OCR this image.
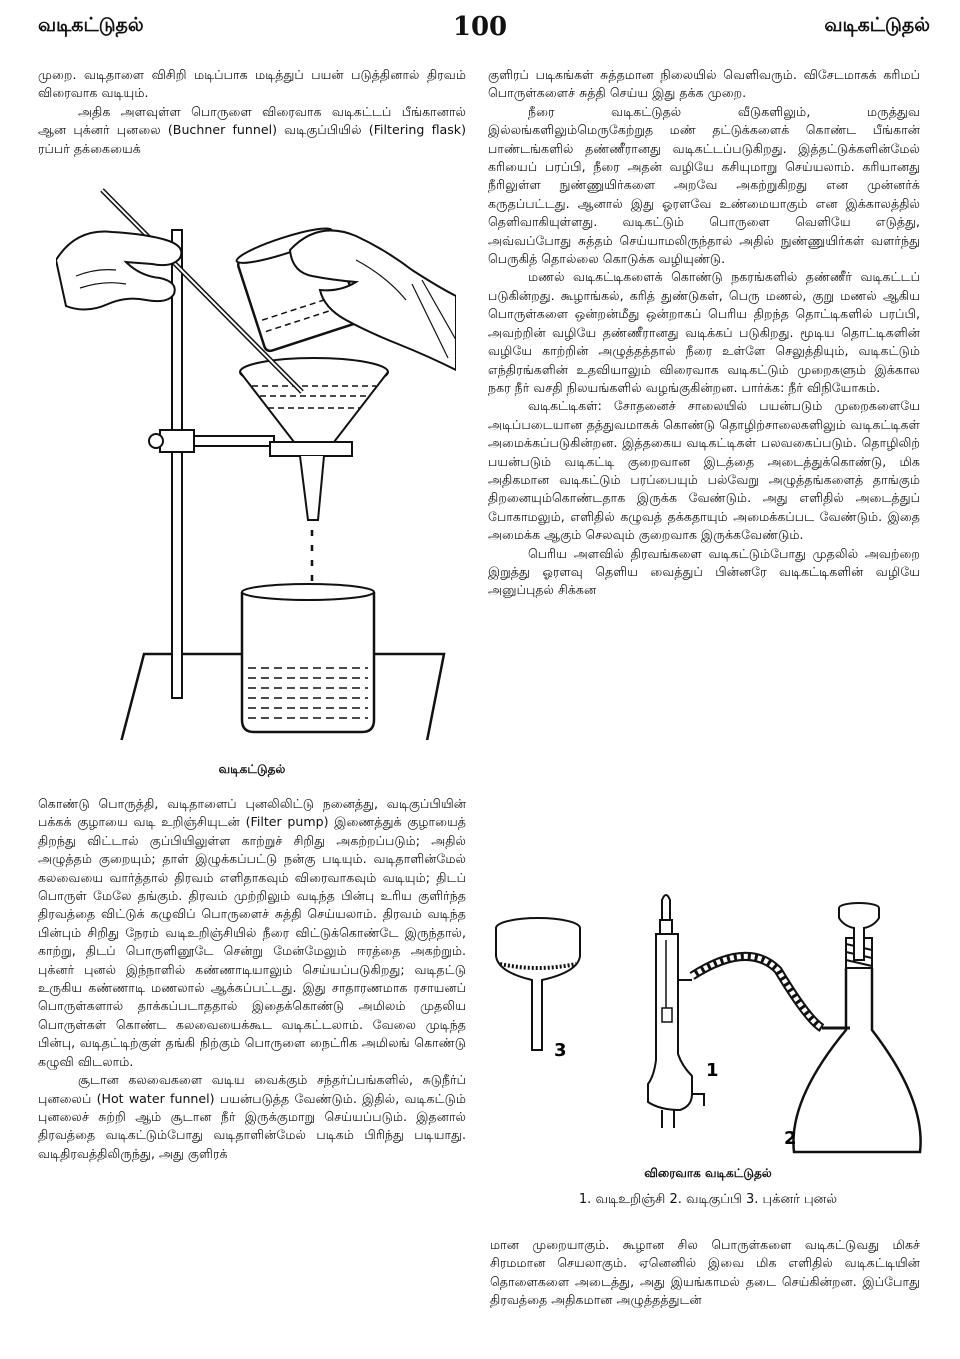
வடிகட்டுதல்	100	வடிகட்டுதல்

முறை. வடிதாளை விசிறி மடிப்பாக மடித்துப் பயன் படுத்தினால் திரவம் விரைவாக வடியும்.

அதிக அளவுள்ள பொருளை விரைவாக வடிகட்டப் பீங்கானால் ஆன புக்னர் புனலை (Buchner funnel) வடிகுப்பியில் (Filtering flask) ரப்பர் தக்கையைக்

வடிகட்டுதல்

கொண்டு பொருத்தி, வடிதாளைப் புனலிலிட்டு நனைத்து, வடிகுப்பியின் பக்கக் குழாயை வடி உறிஞ்சியுடன் (Filter pump) இணைத்துக் குழாயைத் திறந்து விட்டால் குப்பியிலுள்ள காற்றுச் சிறிது அகற்றப்படும்; அதில் அழுத்தம் குறையும்; தாள் இழுக்கப்பட்டு நன்கு படியும். வடிதாளின்மேல் கலவையை வார்த்தால் திரவம் எளிதாகவும் விரைவாகவும் வடியும்; திடப் பொருள் மேலே தங்கும். திரவம் முற்றிலும் வடிந்த பின்பு உரிய குளிர்ந்த திரவத்தை விட்டுக் கழுவிப் பொருளைச் சுத்தி செய்யலாம். திரவம் வடிந்த பின்பும் சிறிது நேரம் வடிஉறிஞ்சியில் நீரை விட்டுக்கொண்டே இருந்தால், காற்று, திடப் பொருளினூடே சென்று மேன்மேலும் ஈரத்தை அகற்றும். புக்னர் புனல் இந்நாளில் கண்ணாடியாலும் செய்யப்படுகிறது; வடிதட்டு உருகிய கண்ணாடி மணலால் ஆக்கப்பட்டது. இது சாதாரணமாக ரசாயனப் பொருள்களால் தாக்கப்படாததால் இதைக்கொண்டு அமிலம் முதலிய பொருள்கள் கொண்ட கலவையைக்கூட வடிகட்டலாம். வேலை முடிந்த பின்பு, வடிதட்டிற்குள் தங்கி நிற்கும் பொருளை நைட்ரிக அமிலங் கொண்டு கழுவி விடலாம்.

சூடான கலவைகளை வடிய வைக்கும் சந்தர்ப்பங்களில், சுடுநீர்ப் புனலைப் (Hot water funnel) பயன்படுத்த வேண்டும். இதில், வடிகட்டும் புனலைச் சுற்றி ஆம் சூடான நீர் இருக்குமாறு செய்யப்படும். இதனால் திரவத்தை வடிகட்டும்போது வடிதாளின்மேல் படிகம் பிரிந்து படியாது. வடிதிரவத்திலிருந்து, அது குளிரக்

குளிரப் படிகங்கள் சுத்தமான நிலையில் வெளிவரும். விசேடமாகக் கரிமப் பொருள்களைச் சுத்தி செய்ய இது தக்க முறை.

நீரை வடிகட்டுதல் வீடுகளிலும், மருத்துவ இல்லங்களிலும்மெருகேற்றுத மண் தட்டுக்களைக் கொண்ட பீங்கான் பாண்டங்களில் தண்ணீரானது வடிகட்டப்படுகிறது. இத்தட்டுக்களின்மேல் கரியைப் பரப்பி, நீரை அதன் வழியே கசியுமாறு செய்யலாம். கரியானது நீரிலுள்ள நுண்ணுயிர்களை அறவே அகற்றுகிறது என முன்னர்க் கருதப்பட்டது. ஆனால் இது ஓரளவே உண்மையாகும் என இக்காலத்தில் தெளிவாகியுள்ளது. வடிகட்டும் பொருளை வெளியே எடுத்து, அவ்வப்போது சுத்தம் செய்யாமலிருந்தால் அதில் நுண்ணுயிர்கள் வளர்ந்து பெருகித் தொல்லை கொடுக்க வழியுண்டு.

மணல் வடிகட்டிகளைக் கொண்டு நகரங்களில் தண்ணீர் வடிகட்டப் படுகின்றது. கூழாங்கல், கரித் துண்டுகள், பெரு மணல், குறு மணல் ஆகிய பொருள்களை ஒன்றன்மீது ஒன்றாகப் பெரிய திறந்த தொட்டிகளில் பரப்பி, அவற்றின் வழியே தண்ணீரானது வடிக்கப் படுகிறது. மூடிய தொட்டிகளின் வழியே காற்றின் அழுத்தத்தால் நீரை உள்ளே செலுத்தியும், வடிகட்டும் எந்திரங்களின் உதவியாலும் விரைவாக வடிகட்டும் முறைகளும் இக்கால நகர நீர் வசதி நிலயங்களில் வழங்குகின்றன. பார்க்க: நீர் விநியோகம்.

வடிகட்டிகள்: சோதனைச் சாலையில் பயன்படும் முறைகளையே அடிப்படையான தத்துவமாகக் கொண்டு தொழிற்சாலைகளிலும் வடிகட்டிகள் அமைக்கப்படுகின்றன. இத்தகைய வடிகட்டிகள் பலவகைப்படும். தொழிலிற் பயன்படும் வடிகட்டி குறைவான இடத்தை அடைத்துக்கொண்டு, மிக அதிகமான வடிகட்டும் பரப்பையும் பல்வேறு அழுத்தங்களைத் தாங்கும் திறனையும்கொண்டதாக இருக்க வேண்டும். அது எளிதில் அடைத்துப் போகாமலும், எளிதில் கழுவத் தக்கதாயும் அமைக்கப்பட வேண்டும். இதை அமைக்க ஆகும் செலவும் குறைவாக இருக்கவேண்டும்.

பெரிய அளவில் திரவங்களை வடிகட்டும்போது முதலில் அவற்றை இறுத்து ஓரளவு தெளிய வைத்துப் பின்னரே வடிகட்டிகளின் வழியே அனுப்புதல் சிக்கன

3
1
2
விரைவாக வடிகட்டுதல்
1. வடிஉறிஞ்சி 2. வடிகுப்பி 3. புக்னர் புனல்

மான முறையாகும். கூழான சில பொருள்களை வடிகட்டுவது மிகச் சிரமமான செயலாகும். ஏனெனில் இவை மிக எளிதில் வடிகட்டியின் தொளைகளை அடைத்து, அது இயங்காமல் தடை செய்கின்றன. இப்போது திரவத்தை அதிகமான அழுத்தத்துடன்
